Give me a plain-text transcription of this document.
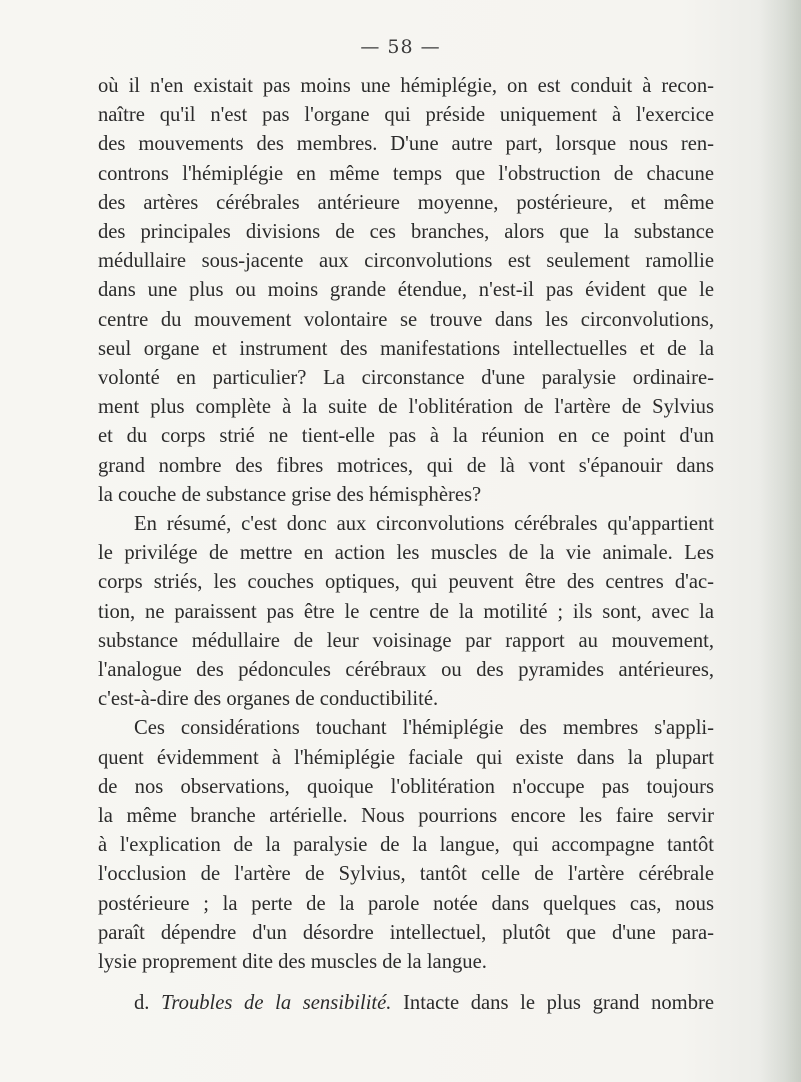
— 58 —
où il n'en existait pas moins une hémiplégie, on est conduit à recon-
naître qu'il n'est pas l'organe qui préside uniquement à l'exercice
des mouvements des membres. D'une autre part, lorsque nous ren-
controns l'hémiplégie en même temps que l'obstruction de chacune
des artères cérébrales antérieure moyenne, postérieure, et même
des principales divisions de ces branches, alors que la substance
médullaire sous-jacente aux circonvolutions est seulement ramollie
dans une plus ou moins grande étendue, n'est-il pas évident que le
centre du mouvement volontaire se trouve dans les circonvolutions,
seul organe et instrument des manifestations intellectuelles et de la
volonté en particulier? La circonstance d'une paralysie ordinaire-
ment plus complète à la suite de l'oblitération de l'artère de Sylvius
et du corps strié ne tient-elle pas à la réunion en ce point d'un
grand nombre des fibres motrices, qui de là vont s'épanouir dans
la couche de substance grise des hémisphères?
En résumé, c'est donc aux circonvolutions cérébrales qu'appartient
le privilége de mettre en action les muscles de la vie animale. Les
corps striés, les couches optiques, qui peuvent être des centres d'ac-
tion, ne paraissent pas être le centre de la motilité ; ils sont, avec la
substance médullaire de leur voisinage par rapport au mouvement,
l'analogue des pédoncules cérébraux ou des pyramides antérieures,
c'est-à-dire des organes de conductibilité.
Ces considérations touchant l'hémiplégie des membres s'appli-
quent évidemment à l'hémiplégie faciale qui existe dans la plupart
de nos observations, quoique l'oblitération n'occupe pas toujours
la même branche artérielle. Nous pourrions encore les faire servir
à l'explication de la paralysie de la langue, qui accompagne tantôt
l'occlusion de l'artère de Sylvius, tantôt celle de l'artère cérébrale
postérieure ; la perte de la parole notée dans quelques cas, nous
paraît dépendre d'un désordre intellectuel, plutôt que d'une para-
lysie proprement dite des muscles de la langue.
d. Troubles de la sensibilité. Intacte dans le plus grand nombre
